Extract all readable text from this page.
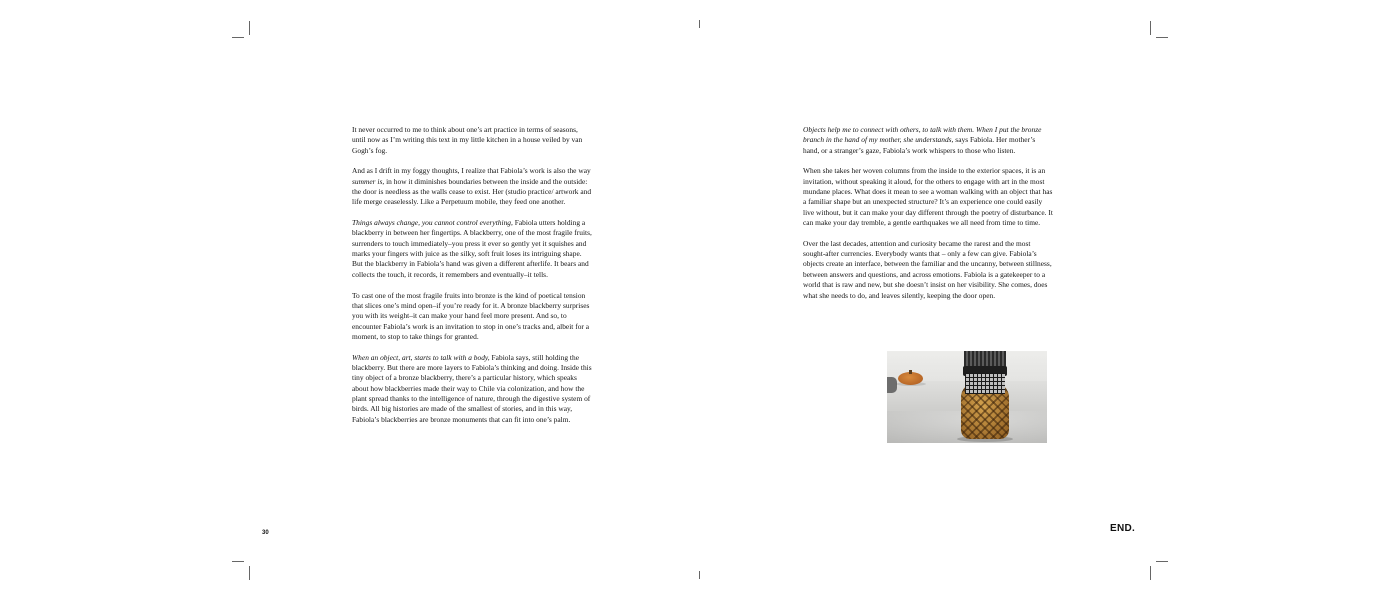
It never occurred to me to think about one’s art practice in terms of seasons, until now as I’m writing this text in my little kitchen in a house veiled by van Gogh’s fog.

And as I drift in my foggy thoughts, I realize that Fabiola’s work is also the way summer is, in how it diminishes boundaries between the inside and the outside: the door is needless as the walls cease to exist. Her (studio practice/ artwork and life merge ceaselessly. Like a Perpetuum mobile, they feed one another.

Things always change, you cannot control everything, Fabiola utters holding a blackberry in between her fingertips. A blackberry, one of the most fragile fruits, surrenders to touch immediately–you press it ever so gently yet it squishes and marks your fingers with juice as the silky, soft fruit loses its intriguing shape. But the blackberry in Fabiola’s hand was given a different afterlife. It bears and collects the touch, it records, it remembers and eventually–it tells.

To cast one of the most fragile fruits into bronze is the kind of poetical tension that slices one’s mind open–if you’re ready for it. A bronze blackberry surprises you with its weight–it can make your hand feel more present. And so, to encounter Fabiola’s work is an invitation to stop in one’s tracks and, albeit for a moment, to stop to take things for granted.

When an object, art, starts to talk with a body, Fabiola says, still holding the blackberry. But there are more layers to Fabiola’s thinking and doing. Inside this tiny object of a bronze blackberry, there’s a particular history, which speaks about how blackberries made their way to Chile via colonization, and how the plant spread thanks to the intelligence of nature, through the digestive system of birds. All big histories are made of the smallest of stories, and in this way, Fabiola’s blackberries are bronze monuments that can fit into one’s palm.

30

Objects help me to connect with others, to talk with them. When I put the bronze branch in the hand of my mother, she understands, says Fabiola. Her mother’s hand, or a stranger’s gaze, Fabiola’s work whispers to those who listen.

When she takes her woven columns from the inside to the exterior spaces, it is an invitation, without speaking it aloud, for the others to engage with art in the most mundane places. What does it mean to see a woman walking with an object that has a familiar shape but an unexpected structure? It’s an experience one could easily live without, but it can make your day different through the poetry of disturbance. It can make your day tremble, a gentle earthquakes we all need from time to time.

Over the last decades, attention and curiosity became the rarest and the most sought-after currencies. Everybody wants that – only a few can give. Fabiola’s objects create an interface, between the familiar and the uncanny, between stillness, between answers and questions, and across emotions. Fabiola is a gatekeeper to a world that is raw and new, but she doesn’t insist on her visibility. She comes, does what she needs to do, and leaves silently, keeping the door open.

END.
